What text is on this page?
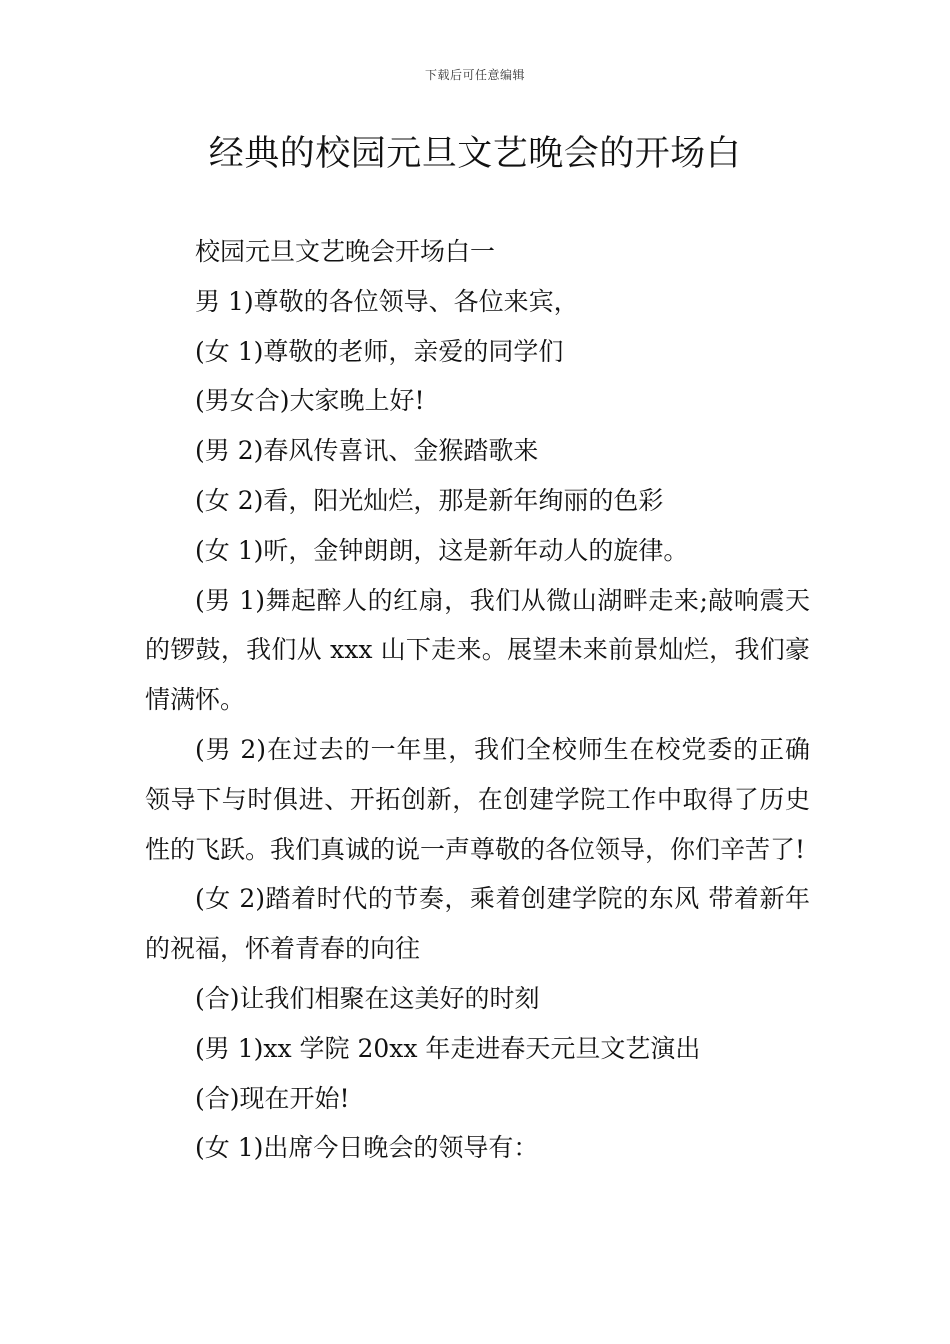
下载后可任意编辑
经典的校园元旦文艺晚会的开场白

校园元旦文艺晚会开场白一

男 1)尊敬的各位领导、各位来宾，

(女 1)尊敬的老师，亲爱的同学们

(男女合)大家晚上好!

(男 2)春风传喜讯、金猴踏歌来

(女 2)看，阳光灿烂，那是新年绚丽的色彩

(女 1)听，金钟朗朗，这是新年动人的旋律。

(男 1)舞起醉人的红扇，我们从微山湖畔走来;敲响震天的锣鼓，我们从 xxx 山下走来。展望未来前景灿烂，我们豪情满怀。

(男 2)在过去的一年里，我们全校师生在校党委的正确领导下与时俱进、开拓创新，在创建学院工作中取得了历史性的飞跃。我们真诚的说一声尊敬的各位领导，你们辛苦了!

(女 2)踏着时代的节奏，乘着创建学院的东风 带着新年的祝福，怀着青春的向往

(合)让我们相聚在这美好的时刻

(男 1)xx 学院 20xx 年走进春天元旦文艺演出

(合)现在开始!

(女 1)出席今日晚会的领导有：
